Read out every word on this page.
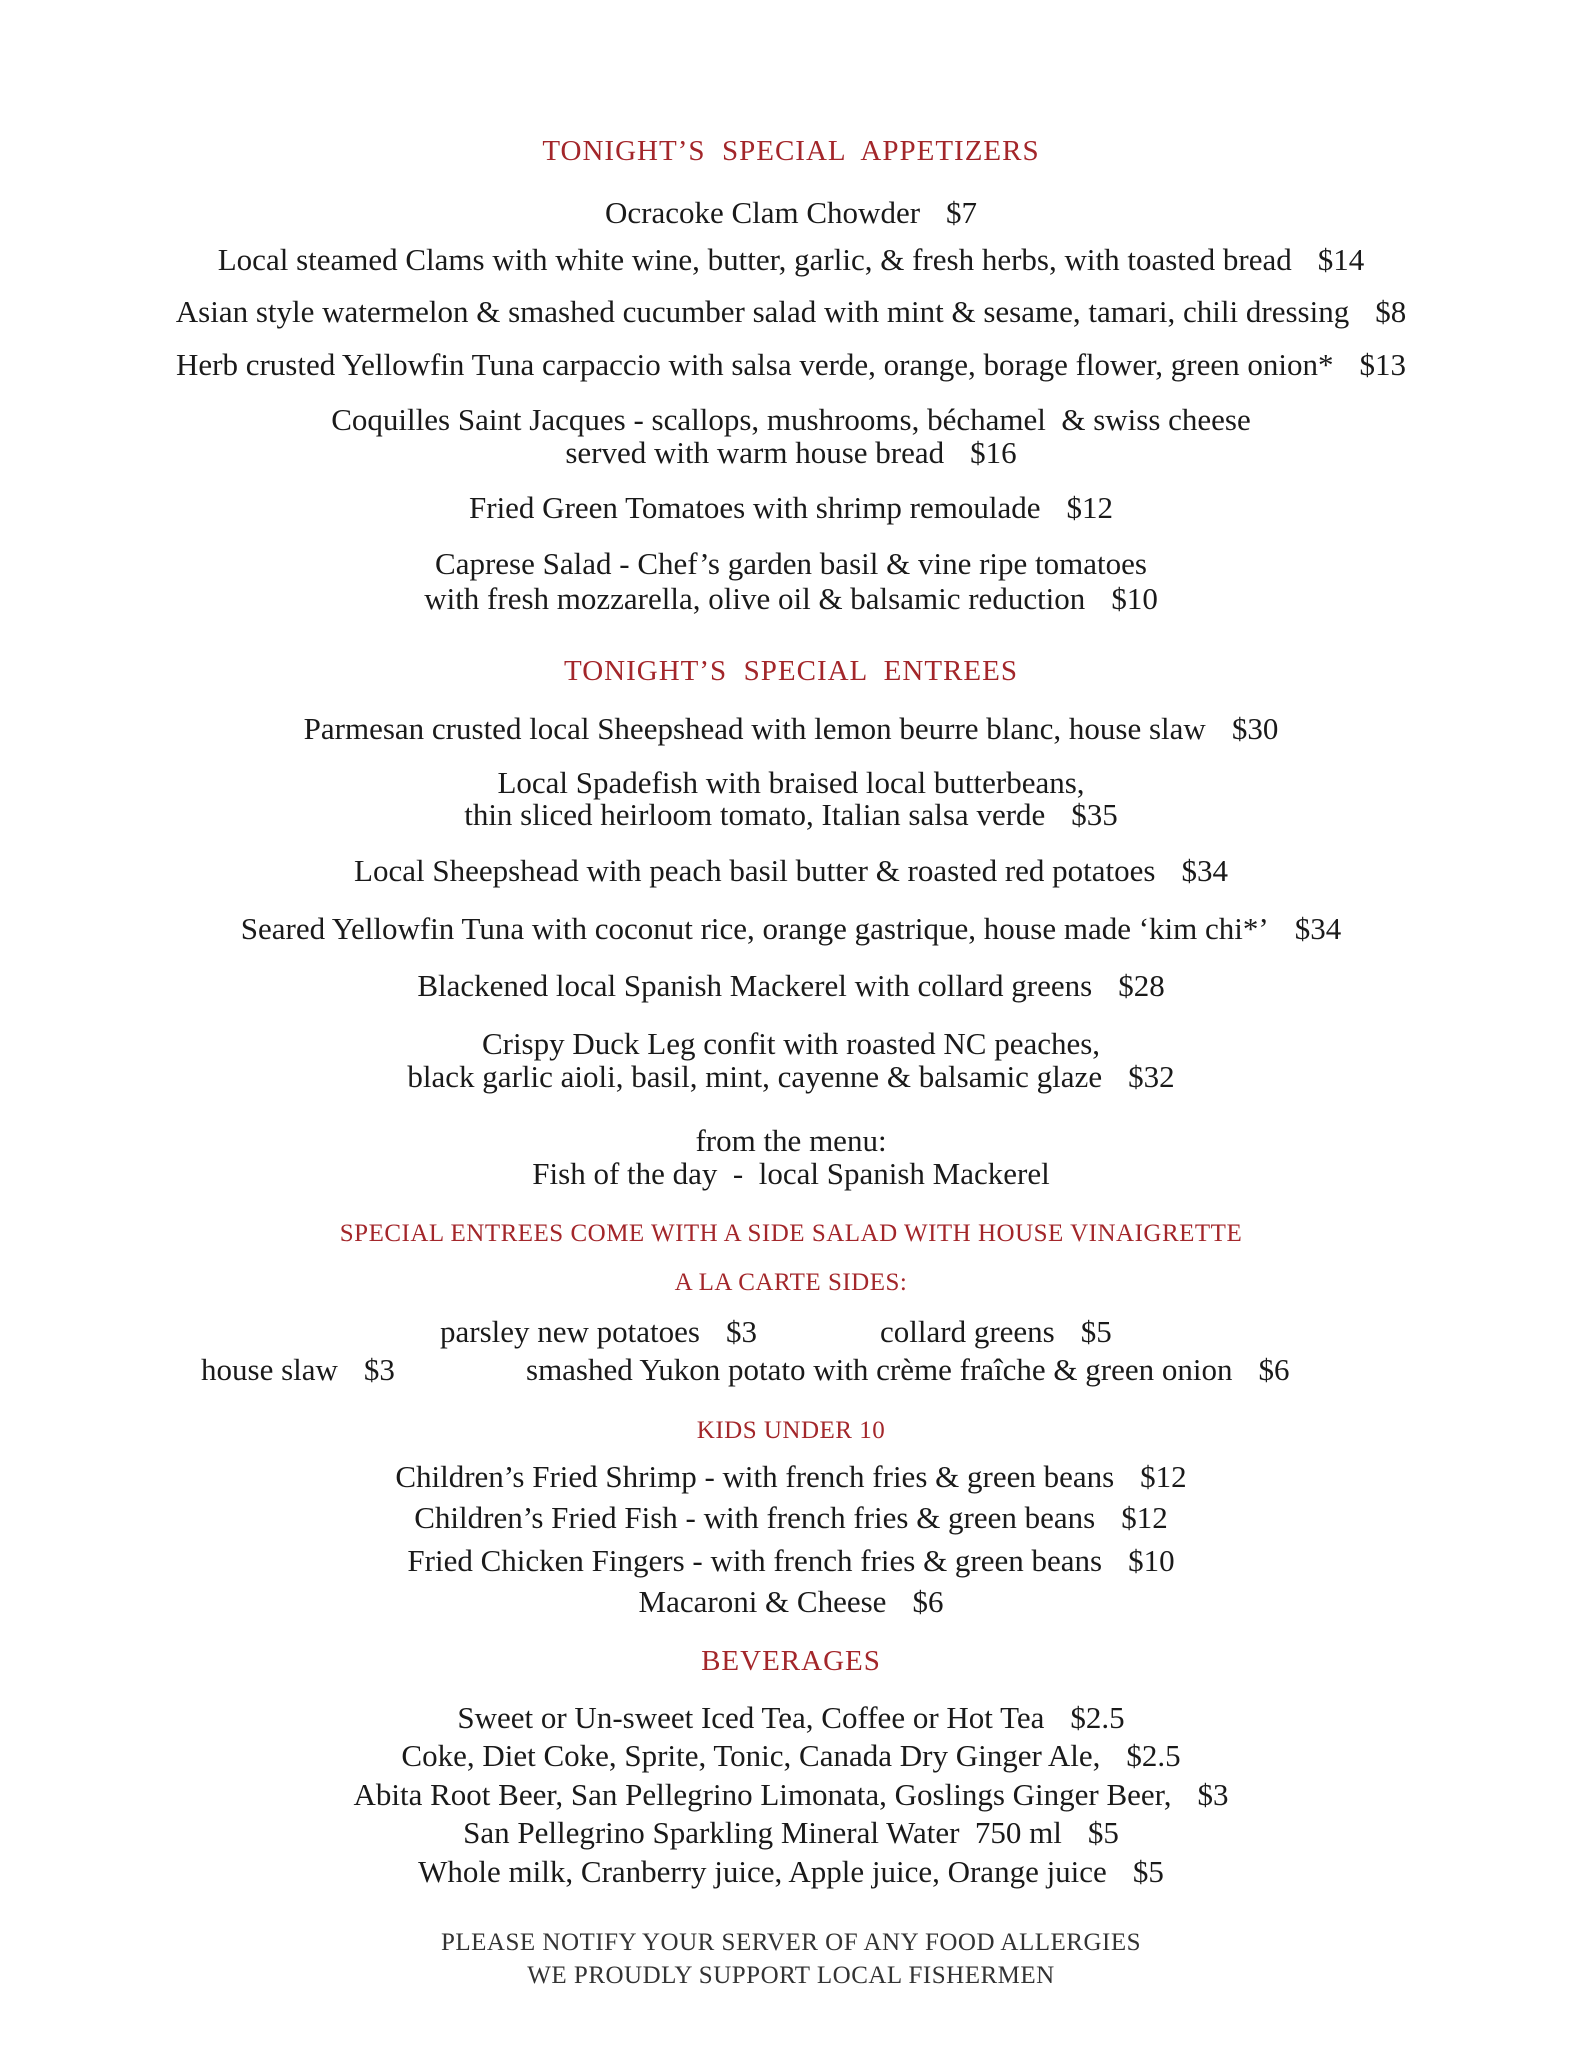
TONIGHT’S  SPECIAL  APPETIZERS
Ocracoke Clam Chowder $7
Local steamed Clams with white wine, butter, garlic, & fresh herbs, with toasted bread $14
Asian style watermelon & smashed cucumber salad with mint & sesame, tamari, chili dressing $8
Herb crusted Yellowfin Tuna carpaccio with salsa verde, orange, borage flower, green onion* $13
Coquilles Saint Jacques - scallops, mushrooms, béchamel  & swiss cheese
served with warm house bread $16
Fried Green Tomatoes with shrimp remoulade $12
Caprese Salad - Chef’s garden basil & vine ripe tomatoes
with fresh mozzarella, olive oil & balsamic reduction $10
TONIGHT’S  SPECIAL  ENTREES
Parmesan crusted local Sheepshead with lemon beurre blanc, house slaw $30
Local Spadefish with braised local butterbeans,
thin sliced heirloom tomato, Italian salsa verde $35
Local Sheepshead with peach basil butter & roasted red potatoes $34
Seared Yellowfin Tuna with coconut rice, orange gastrique, house made ‘kim chi*’ $34
Blackened local Spanish Mackerel with collard greens $28
Crispy Duck Leg confit with roasted NC peaches,
black garlic aioli, basil, mint, cayenne & balsamic glaze $32
from the menu:
Fish of the day  -  local Spanish Mackerel
SPECIAL ENTREES COME WITH A SIDE SALAD WITH HOUSE VINAIGRETTE
A LA CARTE SIDES:

parsley new potatoes $3

	collard greens $5

house slaw $3

	smashed Yukon potato with crème fraîche & green onion $6

KIDS UNDER 10
Children’s Fried Shrimp - with french fries & green beans $12
Children’s Fried Fish - with french fries & green beans $12
Fried Chicken Fingers - with french fries & green beans $10
Macaroni & Cheese $6
BEVERAGES
Sweet or Un-sweet Iced Tea, Coffee or Hot Tea $2.5
Coke, Diet Coke, Sprite, Tonic, Canada Dry Ginger Ale, $2.5
Abita Root Beer, San Pellegrino Limonata, Goslings Ginger Beer, $3
San Pellegrino Sparkling Mineral Water  750 ml $5
Whole milk, Cranberry juice, Apple juice, Orange juice $5
PLEASE NOTIFY YOUR SERVER OF ANY FOOD ALLERGIES
WE PROUDLY SUPPORT LOCAL FISHERMEN
